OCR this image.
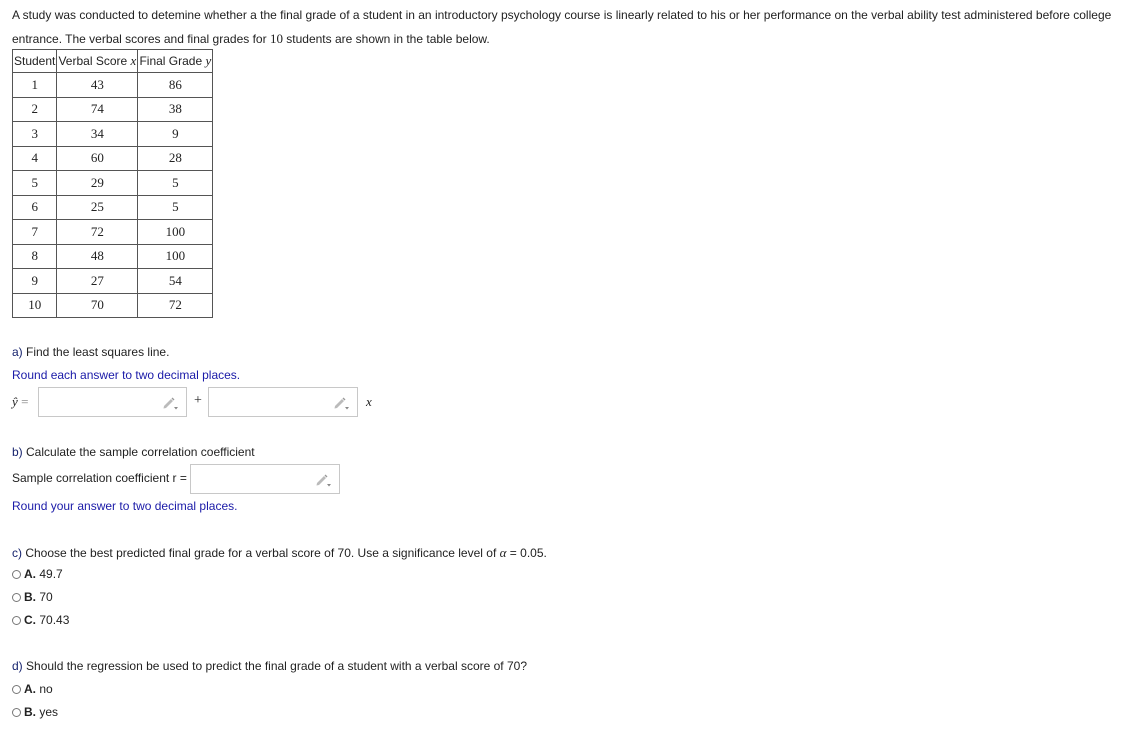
A study was conducted to detemine whether a the final grade of a student in an introductory psychology course is linearly related to his or her performance on the verbal ability test administered before college
entrance. The verbal scores and final grades for 10 students are shown in the table below.
Student	Verbal Score x	Final Grade y
1	43	86
2	74	38
3	34	9
4	60	28
5	29	5
6	25	5
7	72	100
8	48	100
9	27	54
10	70	72
a) Find the least squares line.
Round each answer to two decimal places.
ŷ =	+	x
b) Calculate the sample correlation coefficient
Sample correlation coefficient r =
Round your answer to two decimal places.
c) Choose the best predicted final grade for a verbal score of 70. Use a significance level of α = 0.05.
A. 49.7
B. 70
C. 70.43
d) Should the regression be used to predict the final grade of a student with a verbal score of 70?
A. no
B. yes
